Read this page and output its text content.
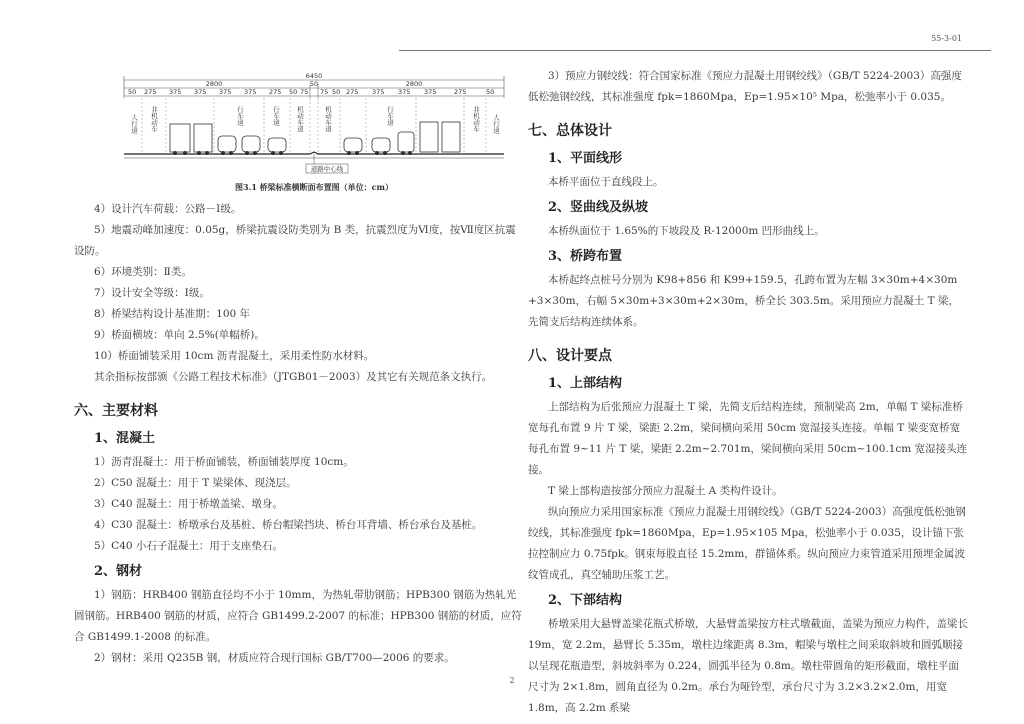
55-3-01
6450
2800	2800
50
50 275 375 375 375 375 275 50 75 75 50 275 375 375 375	275	50
人行道 非机动车	行车道	行车道 机动车道	机动车道	行车道	非机动车 人行道
道路中心线
图3.1 桥梁标准横断面布置图（单位：cm）

4）设计汽车荷载：公路－Ⅰ级。

5）地震动峰加速度：0.05g，桥梁抗震设防类别为 B 类，抗震烈度为Ⅵ度，按Ⅶ度区抗震设防。

6）环境类别：Ⅱ类。

7）设计安全等级：Ⅰ级。

8）桥梁结构设计基准期：100 年

9）桥面横坡：单向 2.5%(单幅桥)。

10）桥面铺装采用 10cm 沥青混凝土，采用柔性防水材料。

其余指标按部颁《公路工程技术标准》（JTGB01－2003）及其它有关规范条文执行。

六、主要材料
1、混凝土

1）沥青混凝土：用于桥面铺装，桥面铺装厚度 10cm。

2）C50 混凝土：用于 T 梁梁体、现浇层。

3）C40 混凝土：用于桥墩盖梁、墩身。

4）C30 混凝土：桥墩承台及基桩、桥台帽梁挡块、桥台耳背墙、桥台承台及基桩。

5）C40 小石子混凝土：用于支座垫石。

2、钢材

1）钢筋：HRB400 钢筋直径均不小于 10mm，为热轧带肋钢筋；HPB300 钢筋为热轧光圆钢筋。HRB400 钢筋的材质，应符合 GB1499.2-2007 的标准；HPB300 钢筋的材质，应符合 GB1499.1-2008 的标准。

2）钢材：采用 Q235B 钢，材质应符合现行国标 GB/T700—2006 的要求。

3）预应力钢绞线：符合国家标准《预应力混凝土用钢绞线》（GB/T 5224-2003）高强度低松弛钢绞线，其标准强度 fpk=1860Mpa，Ep=1.95×10⁵ Mpa，松弛率小于 0.035。

七、总体设计
1、平面线形

本桥平面位于直线段上。

2、竖曲线及纵坡

本桥纵面位于 1.65%的下坡段及 R-12000m 凹形曲线上。

3、桥跨布置

本桥起终点桩号分别为 K98+856 和 K99+159.5，孔跨布置为左幅 3×30m+4×30m +3×30m，右幅 5×30m+3×30m+2×30m，桥全长 303.5m。采用预应力混凝土 T 梁，先简支后结构连续体系。

八、设计要点
1、上部结构

上部结构为后张预应力混凝土 T 梁，先简支后结构连续，预制梁高 2m，单幅 T 梁标准桥宽每孔布置 9 片 T 梁，梁距 2.2m，梁间横向采用 50cm 宽湿接头连接。单幅 T 梁变宽桥宽每孔布置 9~11 片 T 梁，梁距 2.2m~2.701m，梁间横向采用 50cm~100.1cm 宽湿接头连接。

T 梁上部构造按部分预应力混凝土 A 类构件设计。

纵向预应力采用国家标准《预应力混凝土用钢绞线》（GB/T 5224-2003）高强度低松弛钢绞线，其标准强度 fpk=1860Mpa，Ep=1.95×105 Mpa，松弛率小于 0.035，设计锚下张拉控制应力 0.75fpk。钢束每股直径 15.2mm，群锚体系。纵向预应力束管道采用预埋金属波纹管成孔，真空辅助压浆工艺。

2、下部结构

桥墩采用大悬臂盖梁花瓶式桥墩，大悬臂盖梁按方柱式墩截面，盖梁为预应力构件，盖梁长 19m，宽 2.2m，悬臂长 5.35m，墩柱边缘距离 8.3m，帽梁与墩柱之间采取斜坡和圆弧顺接以呈现花瓶造型，斜坡斜率为 0.224，圆弧半径为 0.8m。墩柱带圆角的矩形截面，墩柱平面尺寸为 2×1.8m，圆角直径为 0.2m。承台为哑铃型，承台尺寸为 3.2×3.2×2.0m，用宽 1.8m，高 2.2m 系梁

2
